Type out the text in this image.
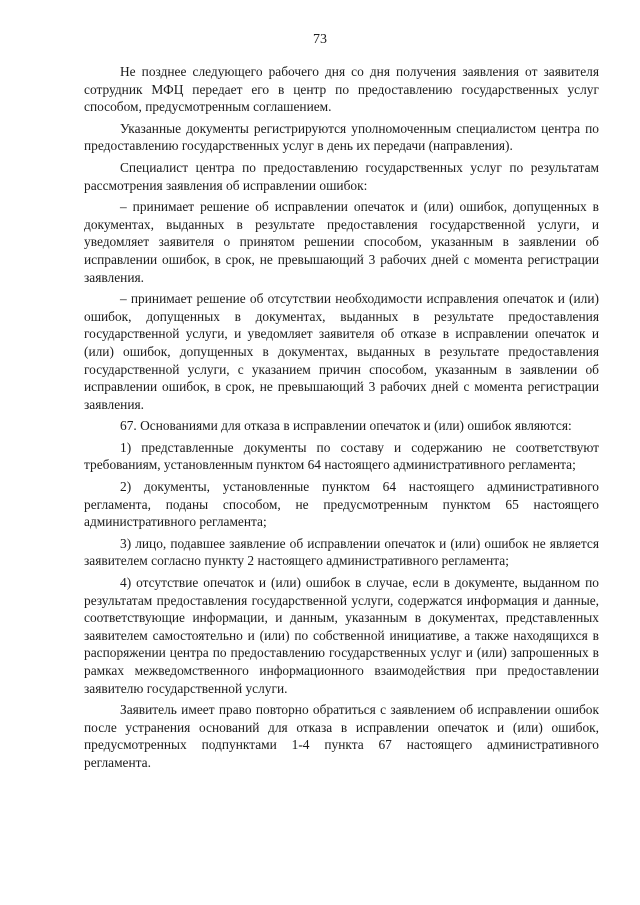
73

Не позднее следующего рабочего дня со дня получения заявления от заявителя сотрудник МФЦ передает его в центр по предоставлению государственных услуг способом, предусмотренным соглашением.

Указанные документы регистрируются уполномоченным специалистом центра по предоставлению государственных услуг в день их передачи (направления).

Специалист центра по предоставлению государственных услуг по результатам рассмотрения заявления об исправлении ошибок:

– принимает решение об исправлении опечаток и (или) ошибок, допущенных в документах, выданных в результате предоставления государственной услуги, и уведомляет заявителя о принятом решении способом, указанным в заявлении об исправлении ошибок, в срок, не превышающий 3 рабочих дней с момента регистрации заявления.

– принимает решение об отсутствии необходимости исправления опечаток и (или) ошибок, допущенных в документах, выданных в результате предоставления государственной услуги, и уведомляет заявителя об отказе в исправлении опечаток и (или) ошибок, допущенных в документах, выданных в результате предоставления государственной услуги, с указанием причин способом, указанным в заявлении об исправлении ошибок, в срок, не превышающий 3 рабочих дней с момента регистрации заявления.

67. Основаниями для отказа в исправлении опечаток и (или) ошибок являются:

1) представленные документы по составу и содержанию не соответствуют требованиям, установленным пунктом 64 настоящего административного регламента;

2) документы, установленные пунктом 64 настоящего административного регламента, поданы способом, не предусмотренным пунктом 65 настоящего административного регламента;

3) лицо, подавшее заявление об исправлении опечаток и (или) ошибок не является заявителем согласно пункту 2 настоящего административного регламента;

4) отсутствие опечаток и (или) ошибок в случае, если в документе, выданном по результатам предоставления государственной услуги, содержатся информация и данные, соответствующие информации, и данным, указанным в документах, представленных заявителем самостоятельно и (или) по собственной инициативе, а также находящихся в распоряжении центра по предоставлению государственных услуг и (или) запрошенных в рамках межведомственного информационного взаимодействия при предоставлении заявителю государственной услуги.

Заявитель имеет право повторно обратиться с заявлением об исправлении ошибок после устранения оснований для отказа в исправлении опечаток и (или) ошибок, предусмотренных подпунктами 1-4 пункта 67 настоящего административного регламента.
